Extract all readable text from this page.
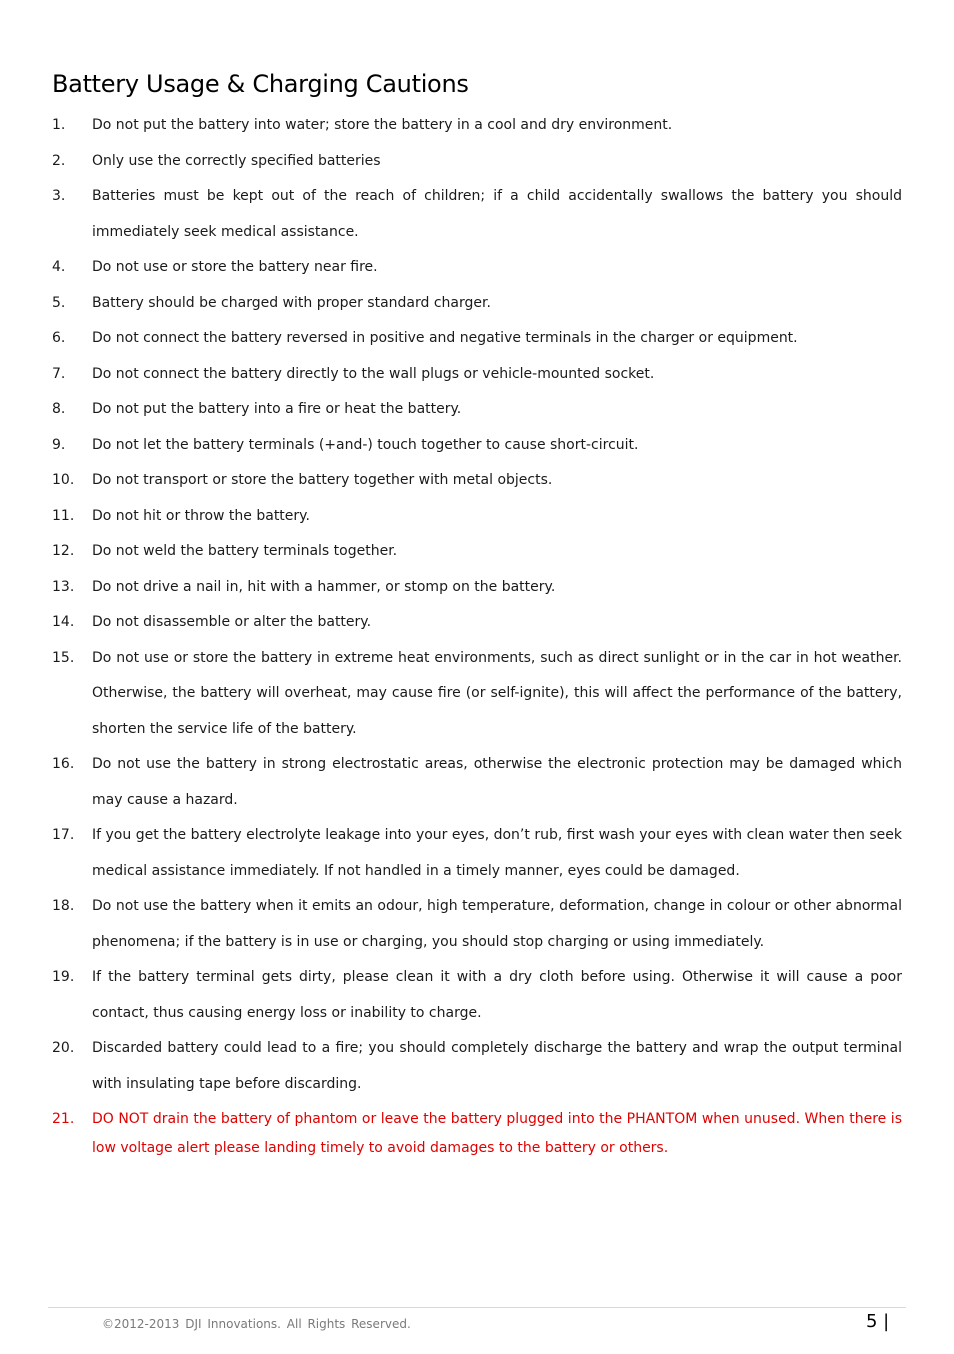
Battery Usage & Charging Cautions
1.	Do not put the battery into water; store the battery in a cool and dry environment.
2.	Only use the correctly specified batteries
3.	Batteries must be kept out of the reach of children; if a child accidentally swallows the battery you should immediately seek medical assistance.
4.	Do not use or store the battery near fire.
5.	Battery should be charged with proper standard charger.
6.	Do not connect the battery reversed in positive and negative terminals in the charger or equipment.
7.	Do not connect the battery directly to the wall plugs or vehicle-mounted socket.
8.	Do not put the battery into a fire or heat the battery.
9.	Do not let the battery terminals (+and-) touch together to cause short-circuit.
10.	Do not transport or store the battery together with metal objects.
11.	Do not hit or throw the battery.
12.	Do not weld the battery terminals together.
13.	Do not drive a nail in, hit with a hammer, or stomp on the battery.
14.	Do not disassemble or alter the battery.
15.	Do not use or store the battery in extreme heat environments, such as direct sunlight or in the car in hot weather. Otherwise, the battery will overheat, may cause fire (or self-ignite), this will affect the performance of the battery, shorten the service life of the battery.
16.	Do not use the battery in strong electrostatic areas, otherwise the electronic protection may be damaged which may cause a hazard.
17.	If you get the battery electrolyte leakage into your eyes, don’t rub, first wash your eyes with clean water then seek medical assistance immediately. If not handled in a timely manner, eyes could be damaged.
18.	Do not use the battery when it emits an odour, high temperature, deformation, change in colour or other abnormal phenomena; if the battery is in use or charging, you should stop charging or using immediately.
19.	If the battery terminal gets dirty, please clean it with a dry cloth before using. Otherwise it will cause a poor contact, thus causing energy loss or inability to charge.
20.	Discarded battery could lead to a fire; you should completely discharge the battery and wrap the output terminal with insulating tape before discarding.
21.	DO NOT drain the battery of phantom or leave the battery plugged into the PHANTOM when unused. When there is low voltage alert please landing timely to avoid damages to the battery or others.
©2012-2013 DJI Innovations. All Rights Reserved.	5 |
